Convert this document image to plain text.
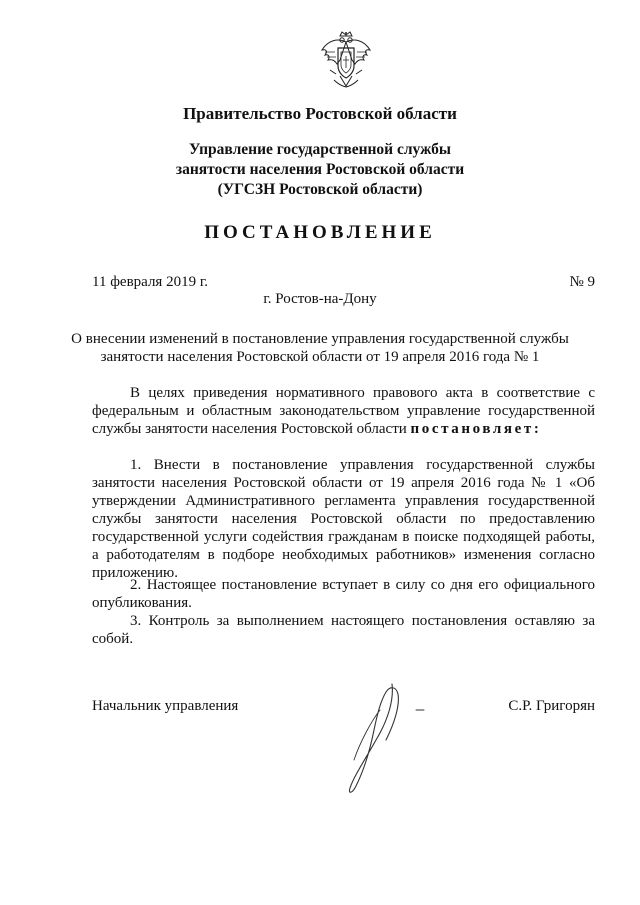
Правительство Ростовской области
Управление государственной службы
занятости населения Ростовской области
(УГСЗН Ростовской области)
ПОСТАНОВЛЕНИЕ
11 февраля 2019 г.	№ 9
г. Ростов-на-Дону
О внесении изменений в постановление управления государственной службы
занятости населения Ростовской области от 19 апреля 2016 года № 1
В целях приведения нормативного правового акта в соответствие с
федеральным и областным законодательством управление государственной
службы занятости населения Ростовской области постановляет:
1. Внести в постановление управления государственной службы
занятости населения Ростовской области от 19 апреля 2016 года № 1 «Об
утверждении Административного регламента управления государственной
службы занятости населения Ростовской области по предоставлению
государственной услуги содействия гражданам в поиске подходящей работы,
а работодателям в подборе необходимых работников» изменения согласно
приложению.
2. Настоящее постановление вступает в силу со дня его официального
опубликования.
3. Контроль за выполнением настоящего постановления оставляю за
собой.
Начальник управления	С.Р. Григорян
